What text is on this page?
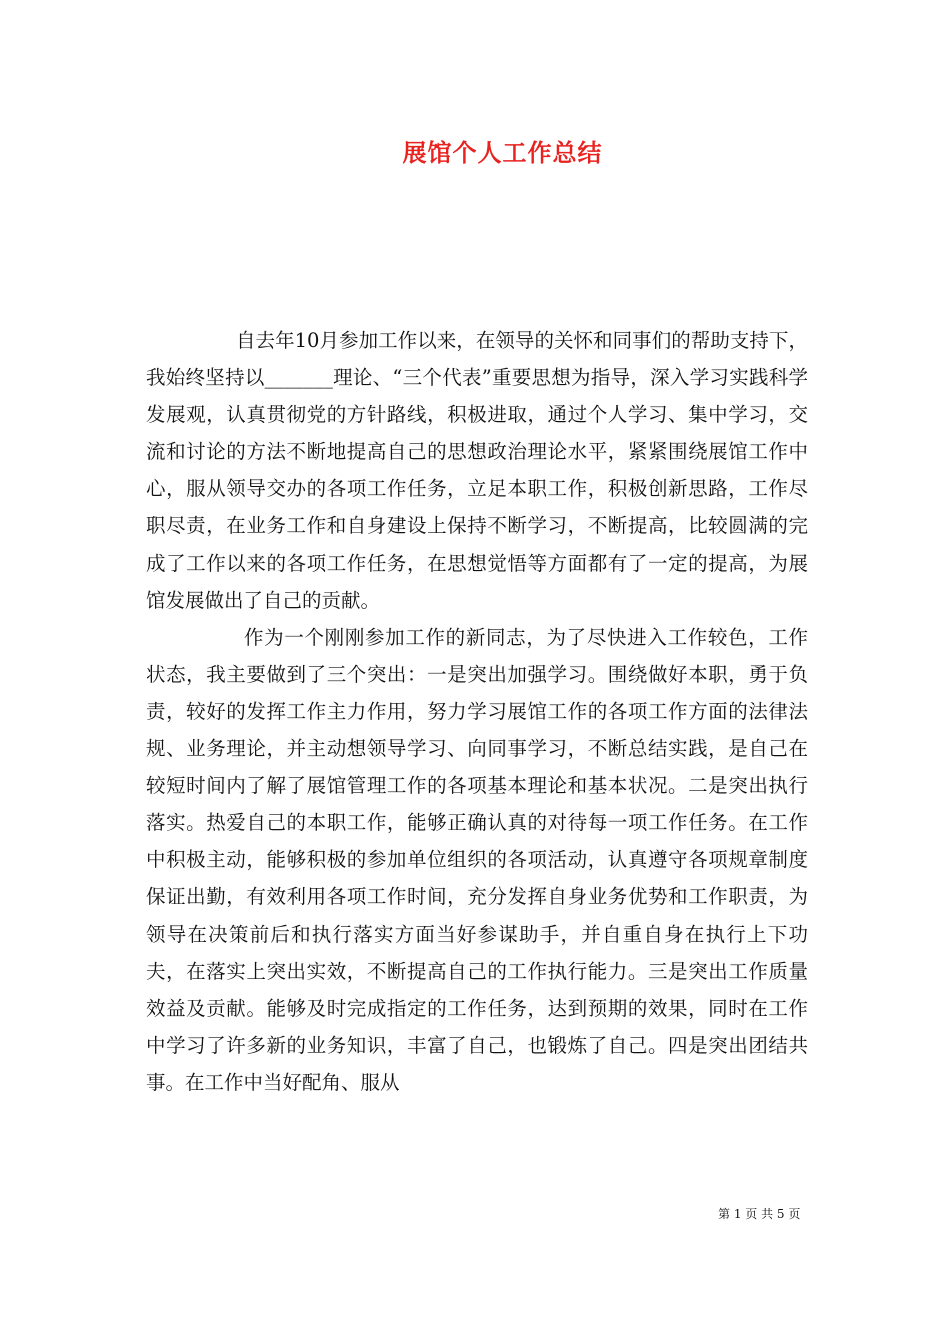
展馆个人工作总结

自去年10月参加工作以来，在领导的关怀和同事们的帮助支持下，我始终坚持以_______理论、“三个代表”重要思想为指导，深入学习实践科学发展观，认真贯彻党的方针路线，积极进取，通过个人学习、集中学习，交流和讨论的方法不断地提高自己的思想政治理论水平，紧紧围绕展馆工作中心，服从领导交办的各项工作任务，立足本职工作，积极创新思路，工作尽职尽责，在业务工作和自身建设上保持不断学习，不断提高，比较圆满的完成了工作以来的各项工作任务，在思想觉悟等方面都有了一定的提高，为展馆发展做出了自己的贡献。

作为一个刚刚参加工作的新同志，为了尽快进入工作较色，工作状态，我主要做到了三个突出：一是突出加强学习。围绕做好本职，勇于负责，较好的发挥工作主力作用，努力学习展馆工作的各项工作方面的法律法规、业务理论，并主动想领导学习、向同事学习，不断总结实践，是自己在较短时间内了解了展馆管理工作的各项基本理论和基本状况。二是突出执行落实。热爱自己的本职工作，能够正确认真的对待每一项工作任务。在工作中积极主动，能够积极的参加单位组织的各项活动，认真遵守各项规章制度保证出勤，有效利用各项工作时间，充分发挥自身业务优势和工作职责，为领导在决策前后和执行落实方面当好参谋助手，并自重自身在执行上下功夫，在落实上突出实效，不断提高自己的工作执行能力。三是突出工作质量效益及贡献。能够及时完成指定的工作任务，达到预期的效果，同时在工作中学习了许多新的业务知识，丰富了自己，也锻炼了自己。四是突出团结共事。在工作中当好配角、服从

第 1 页 共 5 页
